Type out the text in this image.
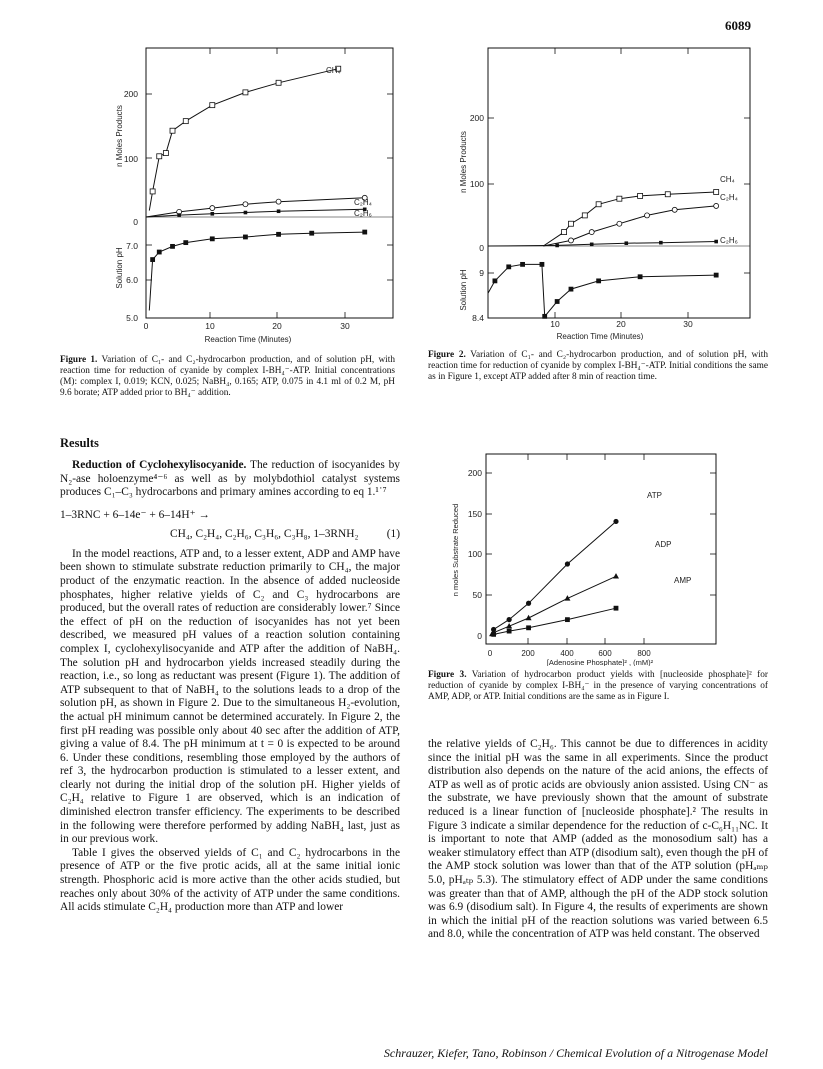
6089
200
100
0
7.0
6.0
5.0
0	10	20	30
Reaction Time (Minutes)
n Moles Products
Solution pH
CH₄
C₂H₄
C₂H₆
Figure 1. Variation of C₁- and C₂-hydrocarbon production, and of solution pH, with reaction time for reduction of cyanide by complex I-BH₄⁻-ATP. Initial concentrations (M): complex I, 0.019; KCN, 0.025; NaBH₄, 0.165; ATP, 0.075 in 4.1 ml of 0.2 M, pH 9.6 borate; ATP added prior to BH₄⁻ addition.
200
100
0
9
8.4
10	20	30
Reaction Time (Minutes)
n Moles Products
Solution pH
CH₄
C₂H₄
C₂H₆
Figure 2. Variation of C₁- and C₂-hydrocarbon production, and of solution pH, with reaction time for reduction of cyanide by complex I-BH₄⁻-ATP. Initial conditions the same as in Figure 1, except ATP added after 8 min of reaction time.
200
150
100
50
0
0	200	400	600	800
[Adenosine Phosphate]² , (mM)²
n moles Substrate Reduced
ATP
ADP
AMP
Figure 3. Variation of hydrocarbon product yields with [nucleoside phosphate]² for reduction of cyanide by complex I-BH₄⁻ in the presence of varying concentrations of AMP, ADP, or ATP. Initial conditions are the same as in Figure I.
Results

Reduction of Cyclohexylisocyanide. The reduction of isocyanides by N₂-ase holoenzyme⁴⁻⁶ as well as by molybdothiol catalyst systems produces C₁–C₃ hydrocarbons and primary amines according to eq 1.¹˙⁷

1–3RNC + 6–14e⁻ + 6–14H⁺ →
CH₄, C₂H₄, C₂H₆, C₃H₆, C₃H₈, 1–3RNH₂ (1)

In the model reactions, ATP and, to a lesser extent, ADP and AMP have been shown to stimulate substrate reduction primarily to CH₄, the major product of the enzymatic reaction. In the absence of added nucleoside phosphates, higher relative yields of C₂ and C₃ hydrocarbons are produced, but the overall rates of reduction are considerably lower.⁷ Since the effect of pH on the reduction of isocyanides has not yet been described, we measured pH values of a reaction solution containing complex I, cyclohexylisocyanide and ATP after the addition of NaBH₄. The solution pH and hydrocarbon yields increased steadily during the reaction, i.e., so long as reductant was present (Figure 1). The addition of ATP subsequent to that of NaBH₄ to the solutions leads to a drop of the solution pH, as shown in Figure 2. Due to the simultaneous H₂-evolution, the actual pH minimum cannot be determined accurately. In Figure 2, the first pH reading was possible only about 40 sec after the addition of ATP, giving a value of 8.4. The pH minimum at t = 0 is expected to be around 6. Under these conditions, resembling those employed by the authors of ref 3, the hydrocarbon production is stimulated to a lesser extent, and clearly not during the initial drop of the solution pH. Higher yields of C₂H₄ relative to Figure 1 are observed, which is an indication of diminished electron transfer efficiency. The experiments to be described in the following were therefore performed by adding NaBH₄ last, just as in our previous work.

Table I gives the observed yields of C₁ and C₂ hydrocarbons in the presence of ATP or the five protic acids, all at the same initial ionic strength. Phosphoric acid is more active than the other acids studied, but reaches only about 30% of the activity of ATP under the same conditions. All acids stimulate C₂H₄ production more than ATP and lower

the relative yields of C₂H₆. This cannot be due to differences in acidity since the initial pH was the same in all experiments. Since the product distribution also depends on the nature of the acid anions, the effects of ATP as well as of protic acids are obviously anion assisted. Using CN⁻ as the substrate, we have previously shown that the amount of substrate reduced is a linear function of [nucleoside phosphate].² The results in Figure 3 indicate a similar dependence for the reduction of c-C₆H₁₁NC. It is important to note that AMP (added as the monosodium salt) has a weaker stimulatory effect than ATP (disodium salt), even though the pH of the AMP stock solution was lower than that of the ATP solution (pHₐₘₚ 5.0, pHₐₜₚ 5.3). The stimulatory effect of ADP under the same conditions was greater than that of AMP, although the pH of the ADP stock solution was 6.9 (disodium salt). In Figure 4, the results of experiments are shown in which the initial pH of the reaction solutions was varied between 6.5 and 8.0, while the concentration of ATP was held constant. The observed

Schrauzer, Kiefer, Tano, Robinson / Chemical Evolution of a Nitrogenase Model
